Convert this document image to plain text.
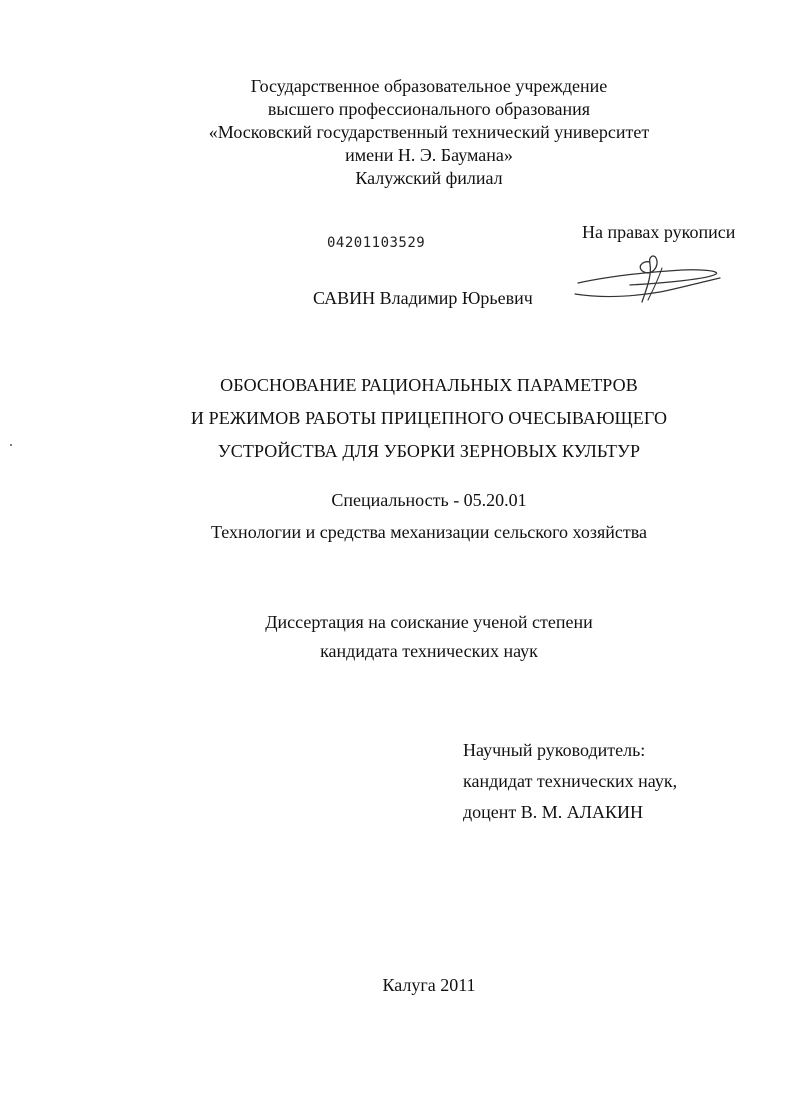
Государственное образовательное учреждение
высшего профессионального образования
«Московский государственный технический университет
имени Н. Э. Баумана»
Калужский филиал
04201103529
На правах рукописи
САВИН Владимир Юрьевич
ОБОСНОВАНИЕ РАЦИОНАЛЬНЫХ ПАРАМЕТРОВ
И РЕЖИМОВ РАБОТЫ ПРИЦЕПНОГО ОЧЕСЫВАЮЩЕГО
УСТРОЙСТВА ДЛЯ УБОРКИ ЗЕРНОВЫХ КУЛЬТУР
Специальность - 05.20.01
Технологии и средства механизации сельского хозяйства
Диссертация на соискание ученой степени
кандидата технических наук
Научный руководитель:
кандидат технических наук,
доцент В. М. АЛАКИН
Калуга 2011
